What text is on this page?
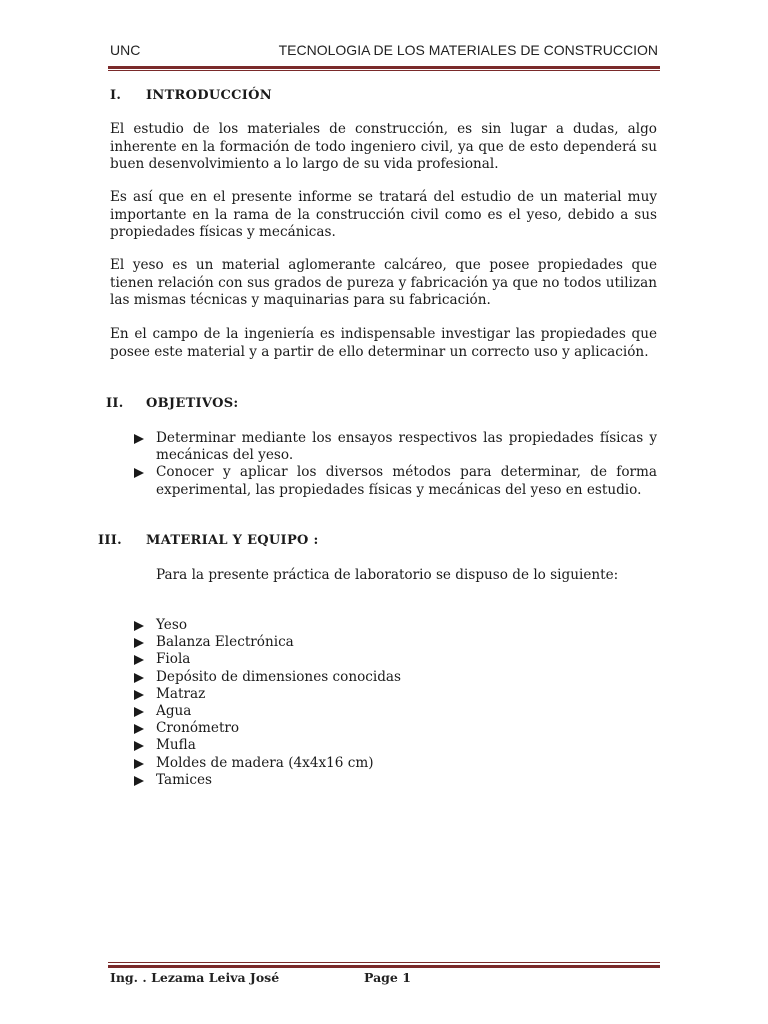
UNC	TECNOLOGIA DE LOS MATERIALES DE CONSTRUCCION
I. INTRODUCCIÓN

El estudio de los materiales de construcción, es sin lugar a dudas, algo inherente en la formación de todo ingeniero civil, ya que de esto dependerá su buen desenvolvimiento a lo largo de su vida profesional.

Es así que en el presente informe se tratará del estudio de un material muy importante en la rama de la construcción civil como es el yeso, debido a sus propiedades físicas y mecánicas.

El yeso es un material aglomerante calcáreo, que posee propiedades que tienen relación con sus grados de pureza y fabricación ya que no todos utilizan las mismas técnicas y maquinarias para su fabricación.

En el campo de la ingeniería es indispensable investigar las propiedades que posee este material y a partir de ello determinar un correcto uso y aplicación.

II. OBJETIVOS:
Determinar mediante los ensayos respectivos las propiedades físicas y mecánicas del yeso.
Conocer y aplicar los diversos métodos para determinar, de forma experimental, las propiedades físicas y mecánicas del yeso en estudio.
III. MATERIAL Y EQUIPO :

Para la presente práctica de laboratorio se dispuso de lo siguiente:

Yeso
Balanza Electrónica
Fiola
Depósito de dimensiones conocidas
Matraz
Agua
Cronómetro
Mufla
Moldes de madera (4x4x16 cm)
Tamices
Ing. . Lezama Leiva José	Page 1
